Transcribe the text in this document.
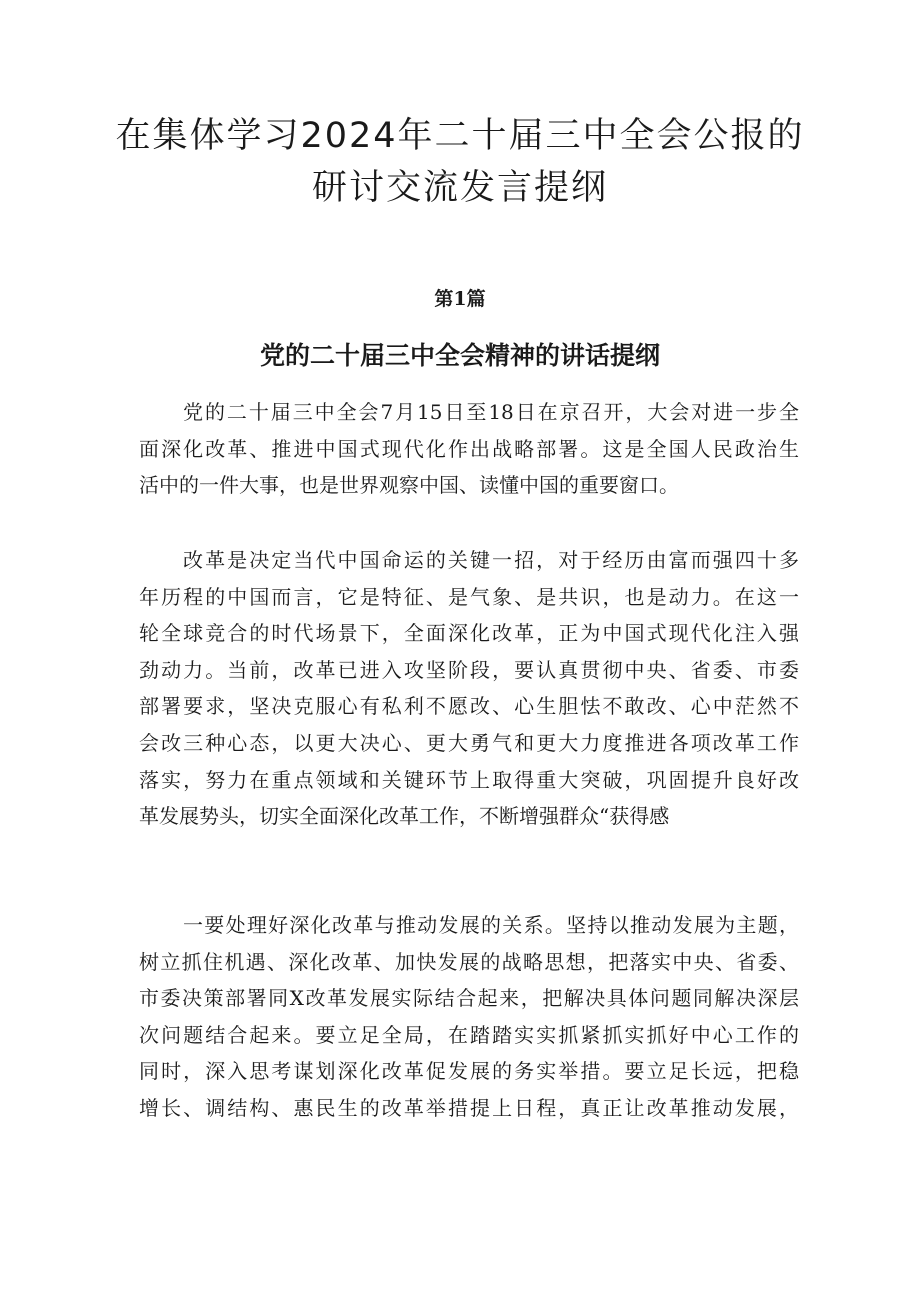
在集体学习2024年二十届三中全会公报的
研讨交流发言提纲
第1篇
党的二十届三中全会精神的讲话提纲
党的二十届三中全会7月15日至18日在京召开，大会对进一步全
面深化改革、推进中国式现代化作出战略部署。这是全国人民政治生
活中的一件大事，也是世界观察中国、读懂中国的重要窗口。
改革是决定当代中国命运的关键一招，对于经历由富而强四十多
年历程的中国而言，它是特征、是气象、是共识，也是动力。在这一
轮全球竞合的时代场景下，全面深化改革，正为中国式现代化注入强
劲动力。当前，改革已进入攻坚阶段，要认真贯彻中央、省委、市委
部署要求，坚决克服心有私利不愿改、心生胆怯不敢改、心中茫然不
会改三种心态，以更大决心、更大勇气和更大力度推进各项改革工作
落实，努力在重点领域和关键环节上取得重大突破，巩固提升良好改
革发展势头，切实全面深化改革工作，不断增强群众“获得感
一要处理好深化改革与推动发展的关系。坚持以推动发展为主题，
树立抓住机遇、深化改革、加快发展的战略思想，把落实中央、省委、
市委决策部署同X改革发展实际结合起来，把解决具体问题同解决深层
次问题结合起来。要立足全局，在踏踏实实抓紧抓实抓好中心工作的
同时，深入思考谋划深化改革促发展的务实举措。要立足长远，把稳
增长、调结构、惠民生的改革举措提上日程，真正让改革推动发展，
